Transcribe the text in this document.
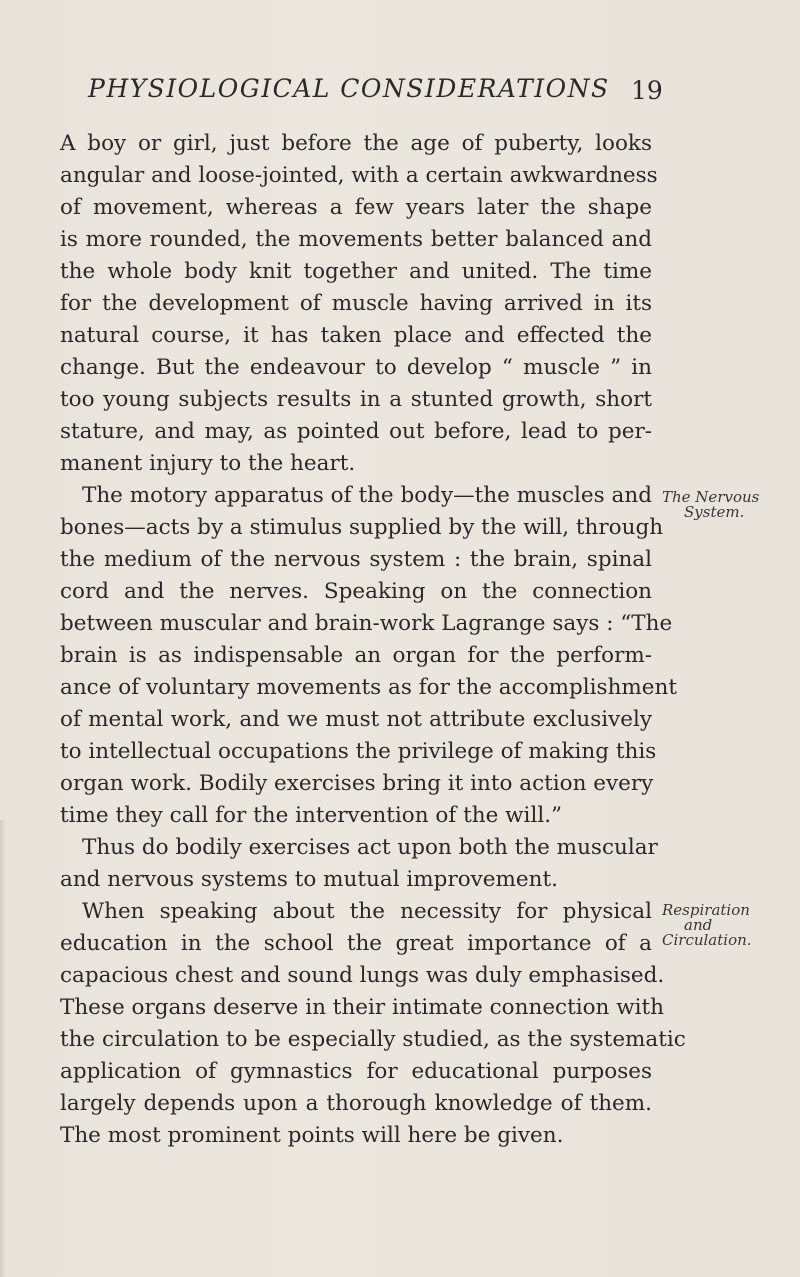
PHYSIOLOGICAL CONSIDERATIONS 19
A boy or girl, just before the age of puberty, looks
angular and loose-jointed, with a certain awkwardness
of movement, whereas a few years later the shape
is more rounded, the movements better balanced and
the whole body knit together and united. The time
for the development of muscle having arrived in its
natural course, it has taken place and effected the
change. But the endeavour to develop “ muscle ” in
too young subjects results in a stunted growth, short
stature, and may, as pointed out before, lead to per-
manent injury to the heart.
The motory apparatus of the body—the muscles and
bones—acts by a stimulus supplied by the will, through
the medium of the nervous system : the brain, spinal
cord and the nerves. Speaking on the connection
between muscular and brain-work Lagrange says : “The
brain is as indispensable an organ for the perform-
ance of voluntary movements as for the accomplishment
of mental work, and we must not attribute exclusively
to intellectual occupations the privilege of making this
organ work. Bodily exercises bring it into action every
time they call for the intervention of the will.”
Thus do bodily exercises act upon both the muscular
and nervous systems to mutual improvement.
When speaking about the necessity for physical
education in the school the great importance of a
capacious chest and sound lungs was duly emphasised.
These organs deserve in their intimate connection with
the circulation to be especially studied, as the systematic
application of gymnastics for educational purposes
largely depends upon a thorough knowledge of them.
The most prominent points will here be given.
The Nervous
System.
Respiration
and
Circulation.
